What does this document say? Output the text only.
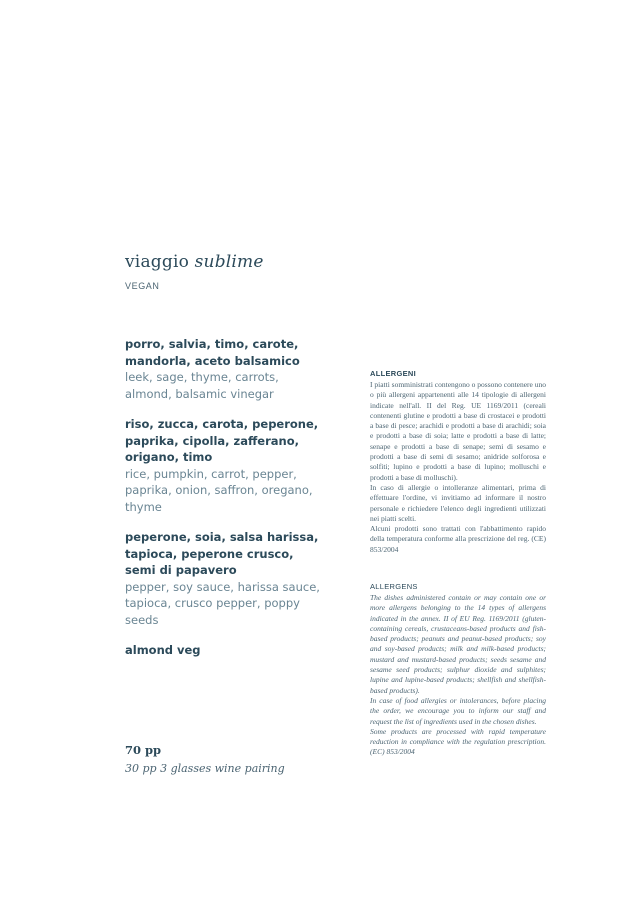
viaggio sublime
VEGAN
porro, salvia, timo, carote, mandorla, aceto balsamico
leek, sage, thyme, carrots, almond, balsamic vinegar
riso, zucca, carota, peperone, paprika, cipolla, zafferano, origano, timo
rice, pumpkin, carrot, pepper, paprika, onion, saffron, oregano, thyme
peperone, soia, salsa harissa, tapioca, peperone crusco, semi di papavero
pepper, soy sauce, harissa sauce, tapioca, crusco pepper, poppy seeds
almond veg
70 pp
30 pp 3 glasses wine pairing
ALLERGENI
I piatti somministrati contengono o possono contenere uno o più allergeni appartenenti alle 14 tipologie di allergeni indicate nell'all. II del Reg. UE 1169/2011 (cereali contenenti glutine e prodotti a base di crostacei e prodotti a base di pesce; arachidi e prodotti a base di arachidi; soia e prodotti a base di soia; latte e prodotti a base di latte; senape e prodotti a base di senape; semi di sesamo e prodotti a base di semi di sesamo; anidride solforosa e solfiti; lupino e prodotti a base di lupino; molluschi e prodotti a base di molluschi).
In caso di allergie o intolleranze alimentari, prima di effettuare l'ordine, vi invitiamo ad informare il nostro personale e richiedere l'elenco degli ingredienti utilizzati nei piatti scelti.
Alcuni prodotti sono trattati con l'abbattimento rapido della temperatura conforme alla prescrizione del reg. (CE) 853/2004
ALLERGENS
The dishes administered contain or may contain one or more allergens belonging to the 14 types of allergens indicated in the annex. II of EU Reg. 1169/2011 (gluten-containing cereals, crustaceans-based products and fish-based products; peanuts and peanut-based products; soy and soy-based products; milk and milk-based products; mustard and mustard-based products; seeds sesame and sesame seed products; sulphur dioxide and sulphites; lupine and lupine-based products; shellfish and shellfish-based products).
In case of food allergies or intolerances, before placing the order, we encourage you to inform our staff and request the list of ingredients used in the chosen dishes.
Some products are processed with rapid temperature reduction in compliance with the regulation prescription. (EC) 853/2004
